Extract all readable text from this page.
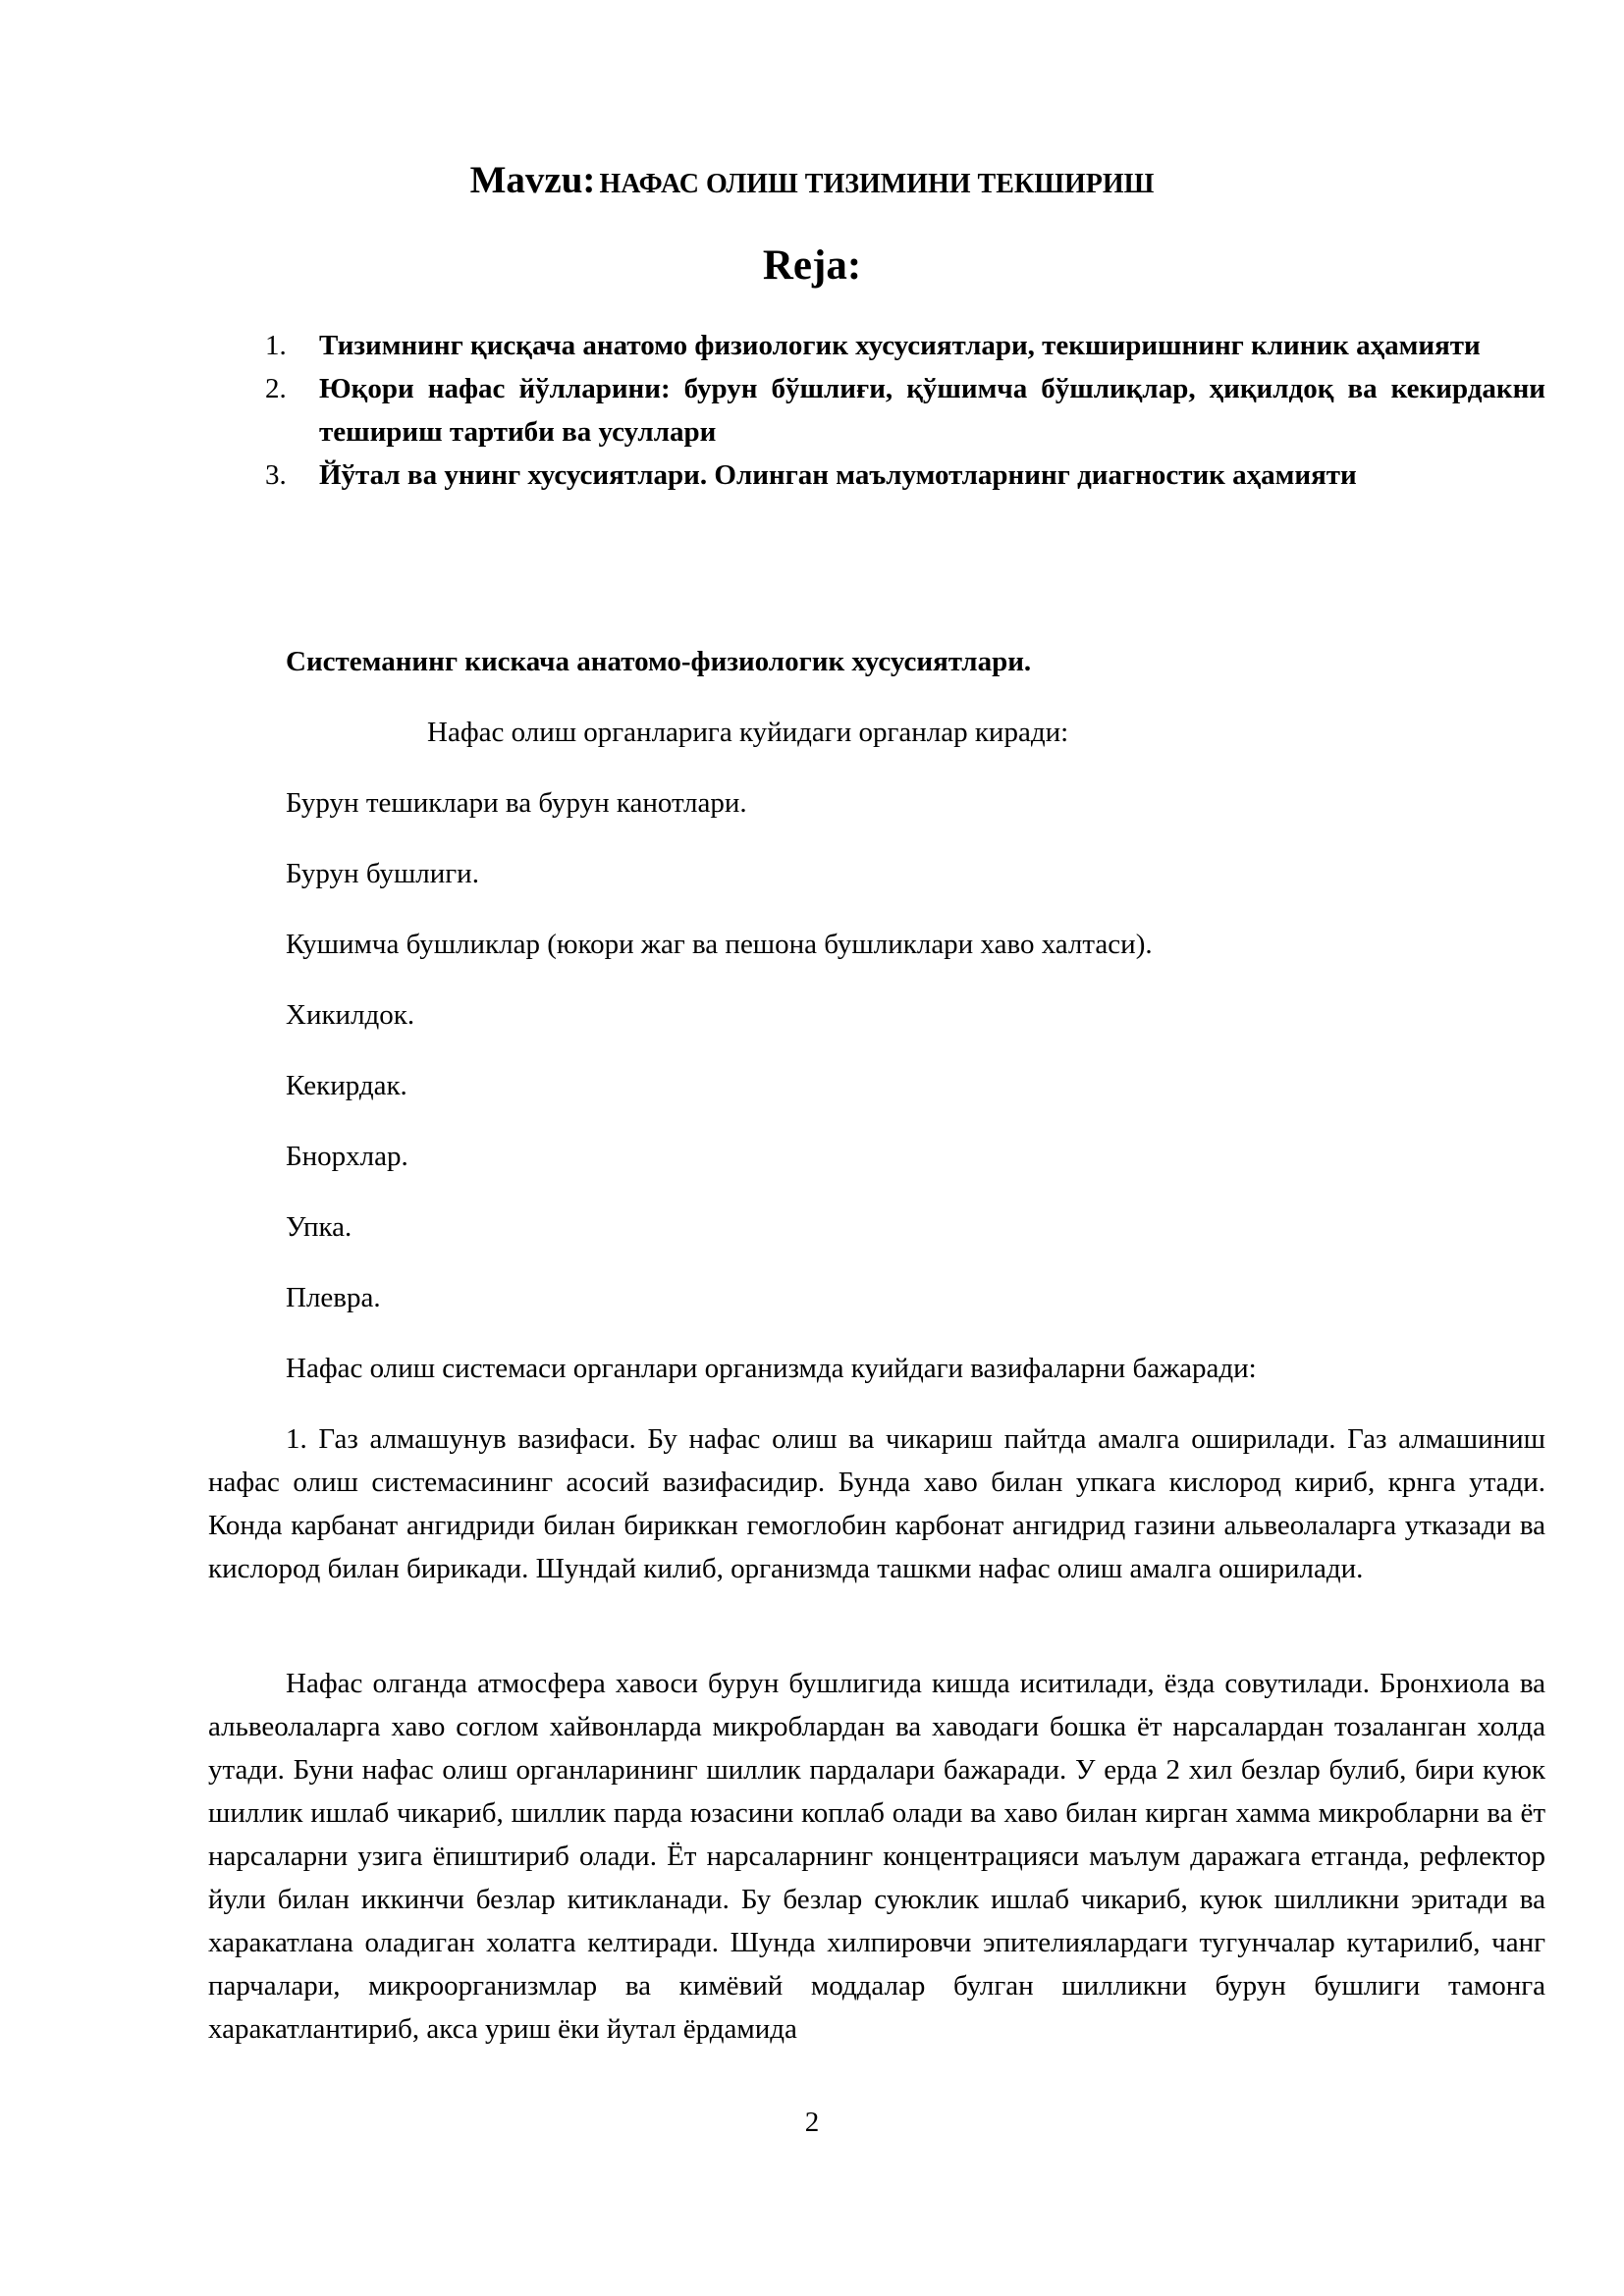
Mavzu: НАФАС ОЛИШ ТИЗИМИНИ ТЕКШИРИШ
Reja:
1. Тизимнинг қисқача анатомо физиологик хусусиятлари, текширишнинг клиник аҳамияти
2. Юқори нафас йўлларини: бурун бўшлиғи, қўшимча бўшлиқлар, ҳиқилдоқ ва кекирдакни тешириш тартиби ва усуллари
3. Йўтал ва унинг хусусиятлари. Олинган маълумотларнинг диагностик аҳамияти
Системанинг кискача анатомо-физиологик хусусиятлари.
Нафас олиш органларига куйидаги органлар киради:
Бурун тешиклари ва бурун канотлари.
Бурун бушлиги.
Кушимча бушликлар (юкори жаг ва пешона бушликлари хаво халтаси).
Хикилдок.
Кекирдак.
Бнорхлар.
Упка.
Плевра.
Нафас олиш системаси органлари организмда куийдаги вазифаларни бажаради:

1. Газ алмашунув вазифаси. Бу нафас олиш ва чикариш пайтда амалга оширилади. Газ алмашиниш нафас олиш системасининг асосий вазифасидир. Бунда хаво билан упкага кислород кириб, крнга утади. Конда карбанат ангидриди билан бириккан гемоглобин карбонат ангидрид газини альвеолаларга утказади ва кислород билан бирикади. Шундай килиб, организмда ташкми нафас олиш амалга оширилади.

Нафас олганда атмосфера хавоси бурун бушлигида кишда иситилади, ёзда совутилади. Бронхиола ва альвеолаларга хаво соглом хайвонларда микроблардан ва хаводаги бошка ёт нарсалардан тозаланган холда утади. Буни нафас олиш органларининг шиллик пардалари бажаради. У ерда 2 хил безлар булиб, бири куюк шиллик ишлаб чикариб, шиллик парда юзасини коплаб олади ва хаво билан кирган хамма микробларни ва ёт нарсаларни узига ёпиштириб олади. Ёт нарсаларнинг концентрацияси маълум даражага етганда, рефлектор йули билан иккинчи безлар китикланади. Бу безлар суюклик ишлаб чикариб, куюк шилликни эритади ва харакатлана оладиган холатга келтиради. Шунда хилпировчи эпителиялардаги тугунчалар кутарилиб, чанг парчалари, микроорганизмлар ва кимёвий моддалар булган шилликни бурун бушлиги тамонга харакатлантириб, акса уриш ёки йутал ёрдамида

2
